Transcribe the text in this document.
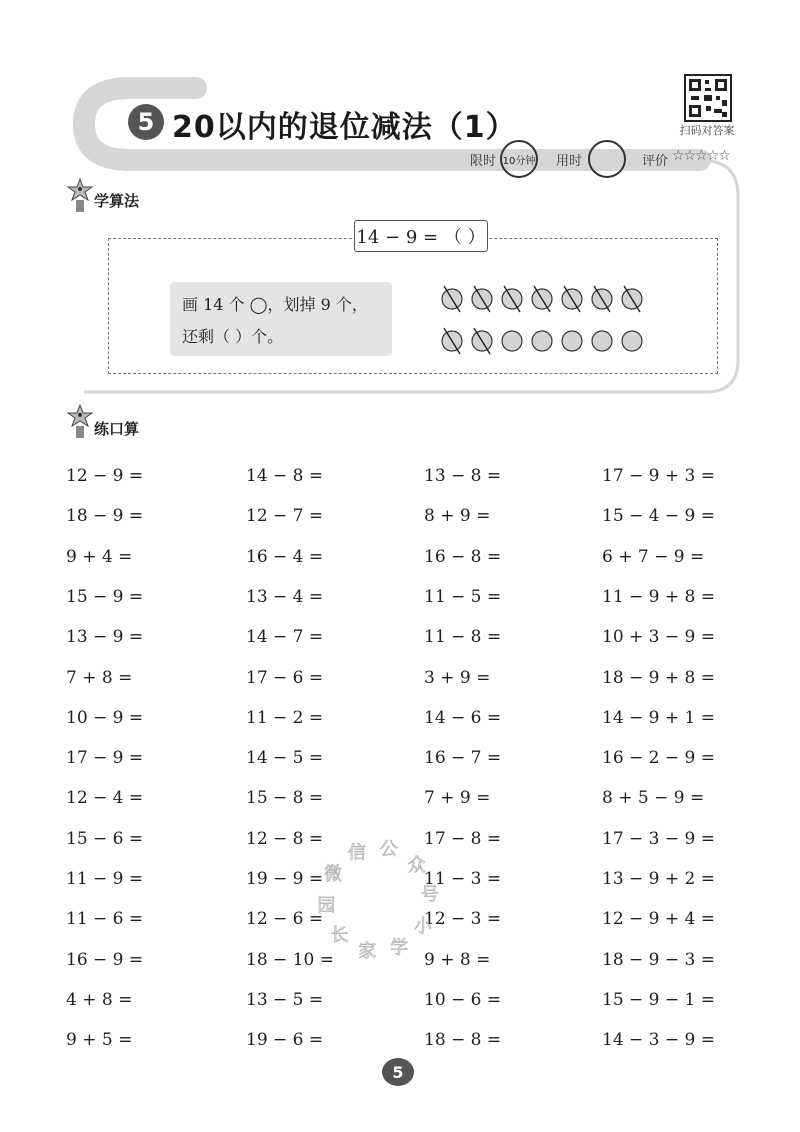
5 20以内的退位减法（1）	扫码对答案
限时 10分钟 用时	评价 ☆☆☆☆☆
学算法
14 − 9 = （ ）
画 14 个 ◯，划掉 9 个，
还剩（ ）个。
练口算
12 − 9 =	14 − 8 =	13 − 8 =	17 − 9 + 3 =
18 − 9 =	12 − 7 =	8 + 9 =	15 − 4 − 9 =
9 + 4 =	16 − 4 =	16 − 8 =	6 + 7 − 9 =
15 − 9 =	13 − 4 =	11 − 5 =	11 − 9 + 8 =
13 − 9 =	14 − 7 =	11 − 8 =	10 + 3 − 9 =
7 + 8 =	17 − 6 =	3 + 9 =	18 − 9 + 8 =
10 − 9 =	11 − 2 =	14 − 6 =	14 − 9 + 1 =
17 − 9 =	14 − 5 =	16 − 7 =	16 − 2 − 9 =
12 − 4 =	15 − 8 =	7 + 9 =	8 + 5 − 9 =
15 − 6 =	12 − 8 =	17 − 8 =	17 − 3 − 9 =
11 − 9 =	19 − 9 =	11 − 3 =	13 − 9 + 2 =
11 − 6 =	12 − 6 =	12 − 3 =	12 − 9 + 4 =
16 − 9 =	18 − 10 =	9 + 8 =	18 − 9 − 3 =
4 + 8 =	13 − 5 =	10 − 6 =	15 − 9 − 1 =
9 + 5 =	19 − 6 =	18 − 8 =	14 − 3 − 9 =
微
信 公
众
号
小
学
家
长
园
5
